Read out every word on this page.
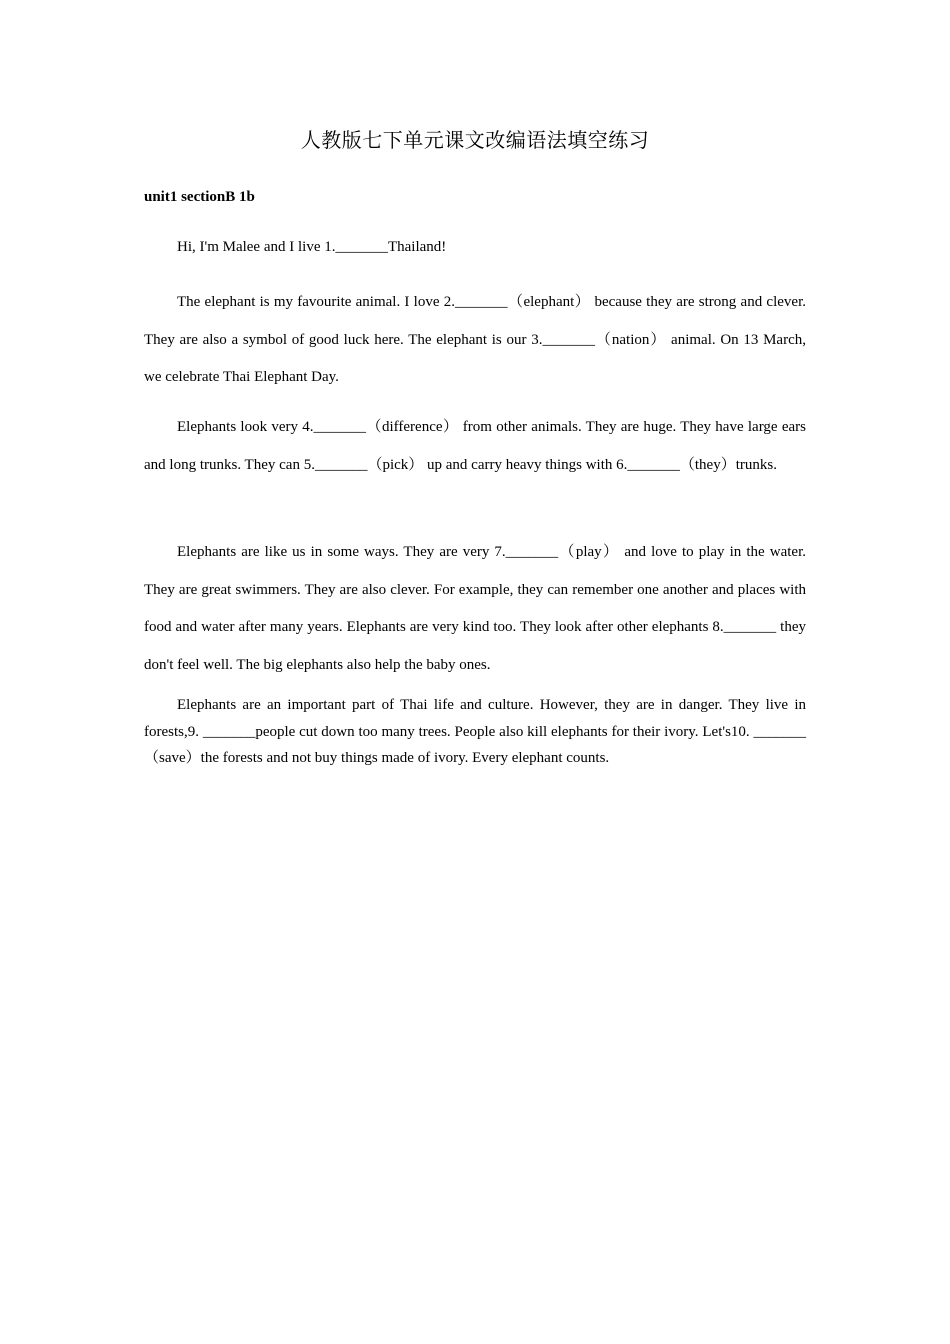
人教版七下单元课文改编语法填空练习
unit1 sectionB 1b

Hi, I'm Malee and I live 1._______Thailand!

The elephant is my favourite animal. I love 2._______（elephant） because they are strong and clever. They are also a symbol of good luck here. The elephant is our 3._______（nation） animal. On 13 March, we celebrate Thai Elephant Day.

Elephants look very 4._______（difference） from other animals. They are huge. They have large ears and long trunks. They can 5._______（pick） up and carry heavy things with 6._______（they）trunks.

Elephants are like us in some ways. They are very 7._______（play） and love to play in the water. They are great swimmers. They are also clever. For example, they can remember one another and places with food and water after many years. Elephants are very kind too. They look after other elephants 8._______ they don't feel well. The big elephants also help the baby ones.

Elephants are an important part of Thai life and culture. However, they are in danger. They live in forests,9. _______people cut down too many trees. People also kill elephants for their ivory. Let's10. _______（save）the forests and not buy things made of ivory. Every elephant counts.
